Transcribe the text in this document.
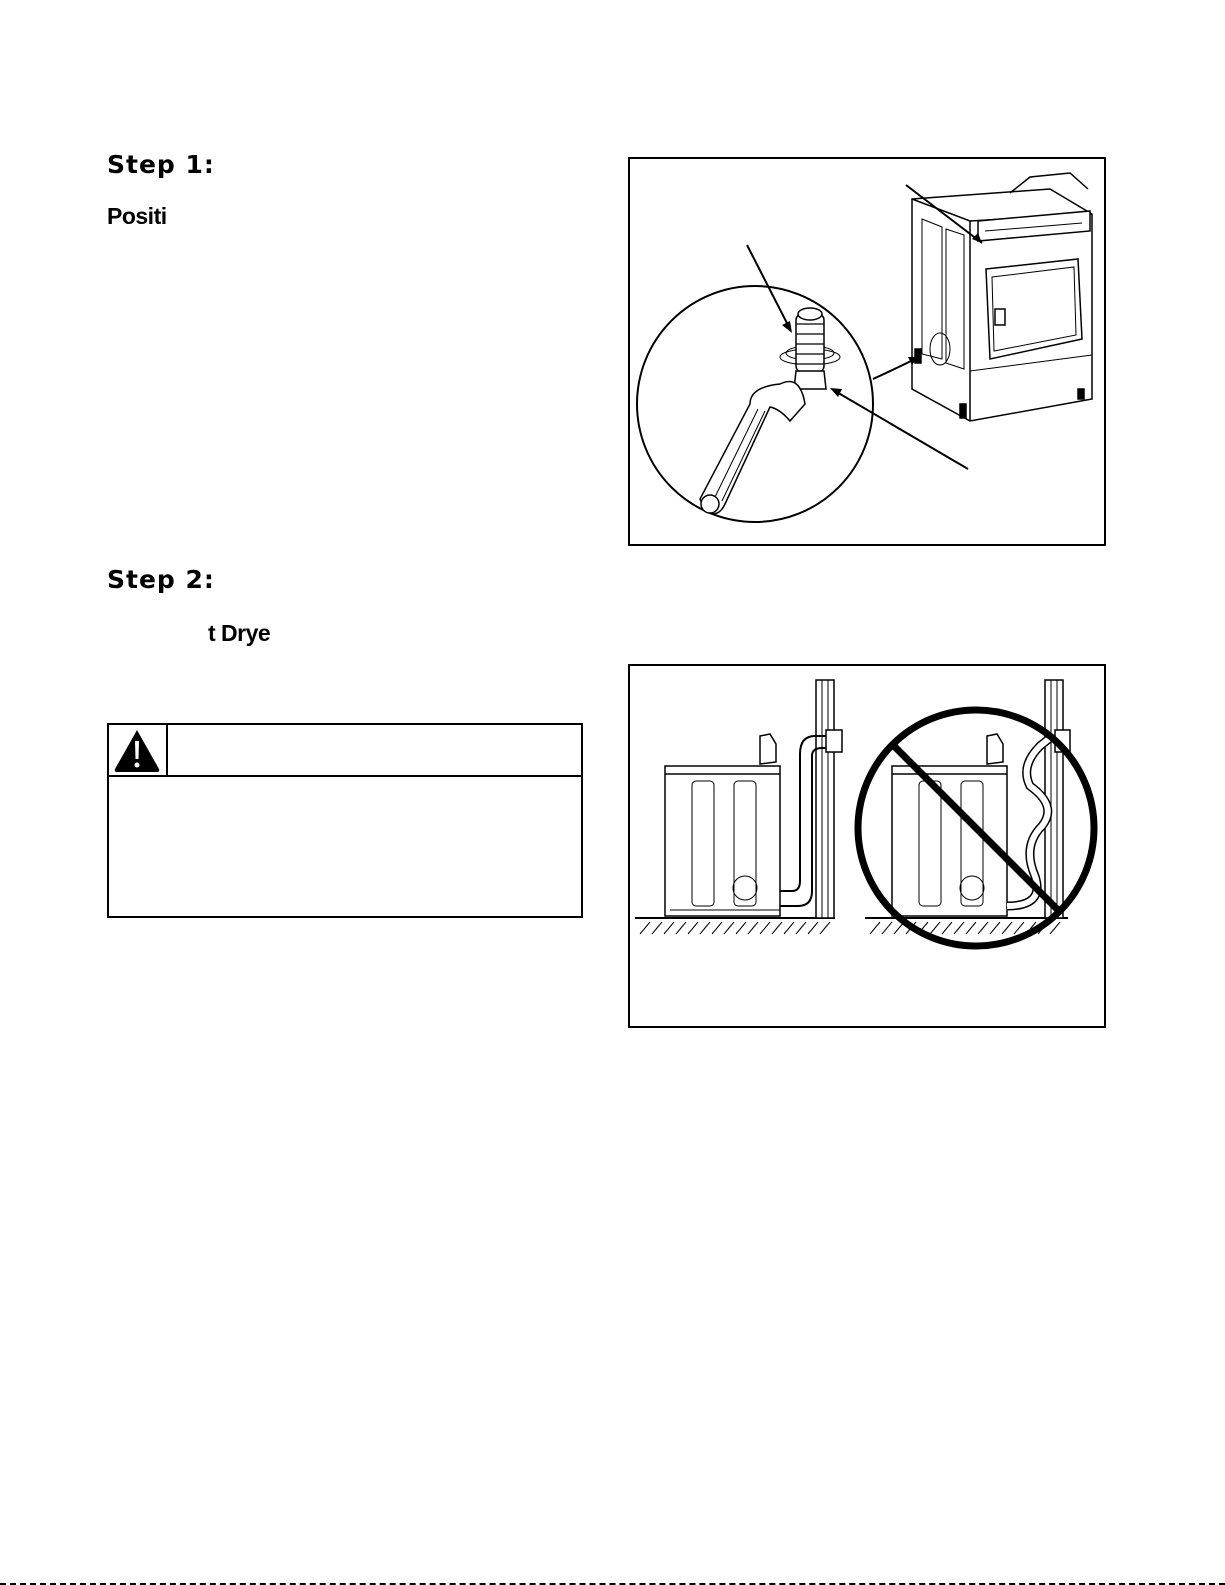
Step 1:
Positi
Step 2:
t Drye
